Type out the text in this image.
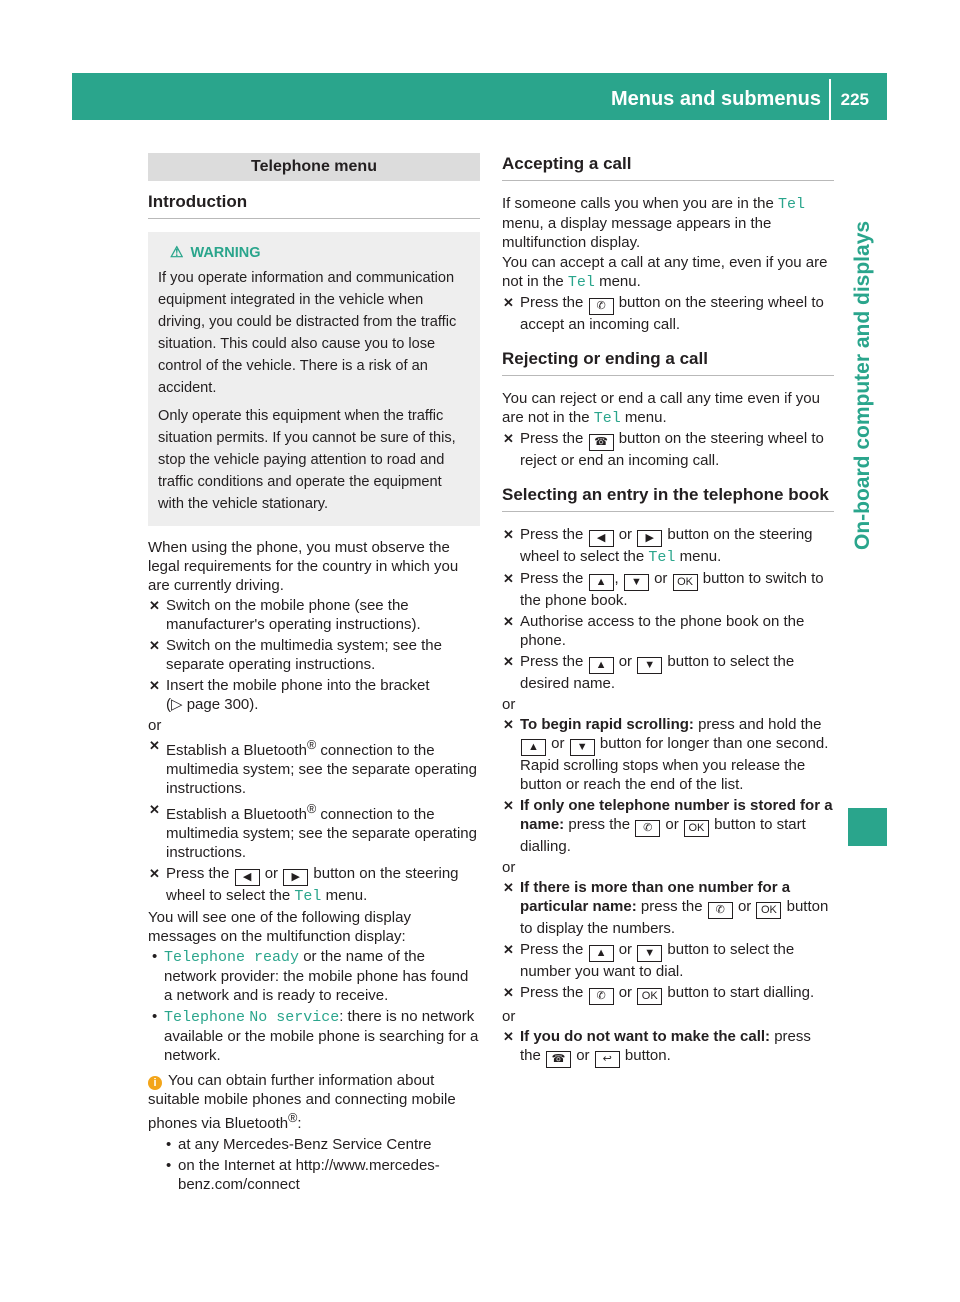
Menus and submenus 225
On-board computer and displays
Telephone menu
Introduction
⚠ WARNING

If you operate information and communication equipment integrated in the vehicle when driving, you could be distracted from the traffic situation. This could also cause you to lose control of the vehicle. There is a risk of an accident.

Only operate this equipment when the traffic situation permits. If you cannot be sure of this, stop the vehicle paying attention to road and traffic conditions and operate the equipment with the vehicle stationary.

When using the phone, you must observe the legal requirements for the country in which you are currently driving.

✕ Switch on the mobile phone (see the manufacturer's operating instructions).
✕ Switch on the multimedia system; see the separate operating instructions.
✕ Insert the mobile phone into the bracket
(▷ page 300).

or

✕ Establish a Bluetooth® connection to the multimedia system; see the separate operating instructions.
✕ Establish a Bluetooth® connection to the multimedia system; see the separate operating instructions.
✕ Press the ◀ or ▶ button on the steering wheel to select the Tel menu.

You will see one of the following display messages on the multifunction display:

• Telephone ready or the name of the network provider: the mobile phone has found a network and is ready to receive.
• Telephone No service: there is no network available or the mobile phone is searching for a network.
i You can obtain further information about suitable mobile phones and connecting mobile phones via Bluetooth®:
• at any Mercedes-Benz Service Centre
• on the Internet at http://www.mercedes-benz.com/connect
Accepting a call

If someone calls you when you are in the Tel menu, a display message appears in the multifunction display.

You can accept a call at any time, even if you are not in the Tel menu.

✕ Press the ✆ button on the steering wheel to accept an incoming call.
Rejecting or ending a call

You can reject or end a call any time even if you are not in the Tel menu.

✕ Press the ☎ button on the steering wheel to reject or end an incoming call.
Selecting an entry in the telephone book
✕ Press the ◀ or ▶ button on the steering wheel to select the Tel menu.
✕ Press the ▲ , ▼ or OK button to switch to the phone book.
✕ Authorise access to the phone book on the phone.
✕ Press the ▲ or ▼ button to select the desired name.

or

✕ To begin rapid scrolling: press and hold the ▲ or ▼ button for longer than one second.
Rapid scrolling stops when you release the button or reach the end of the list.
✕ If only one telephone number is stored for a name: press the ✆ or OK button to start dialling.

or

✕ If there is more than one number for a particular name: press the ✆ or OK button to display the numbers.
✕ Press the ▲ or ▼ button to select the number you want to dial.
✕ Press the ✆ or OK button to start dialling.

or

✕ If you do not want to make the call: press the ☎ or ↩ button.
